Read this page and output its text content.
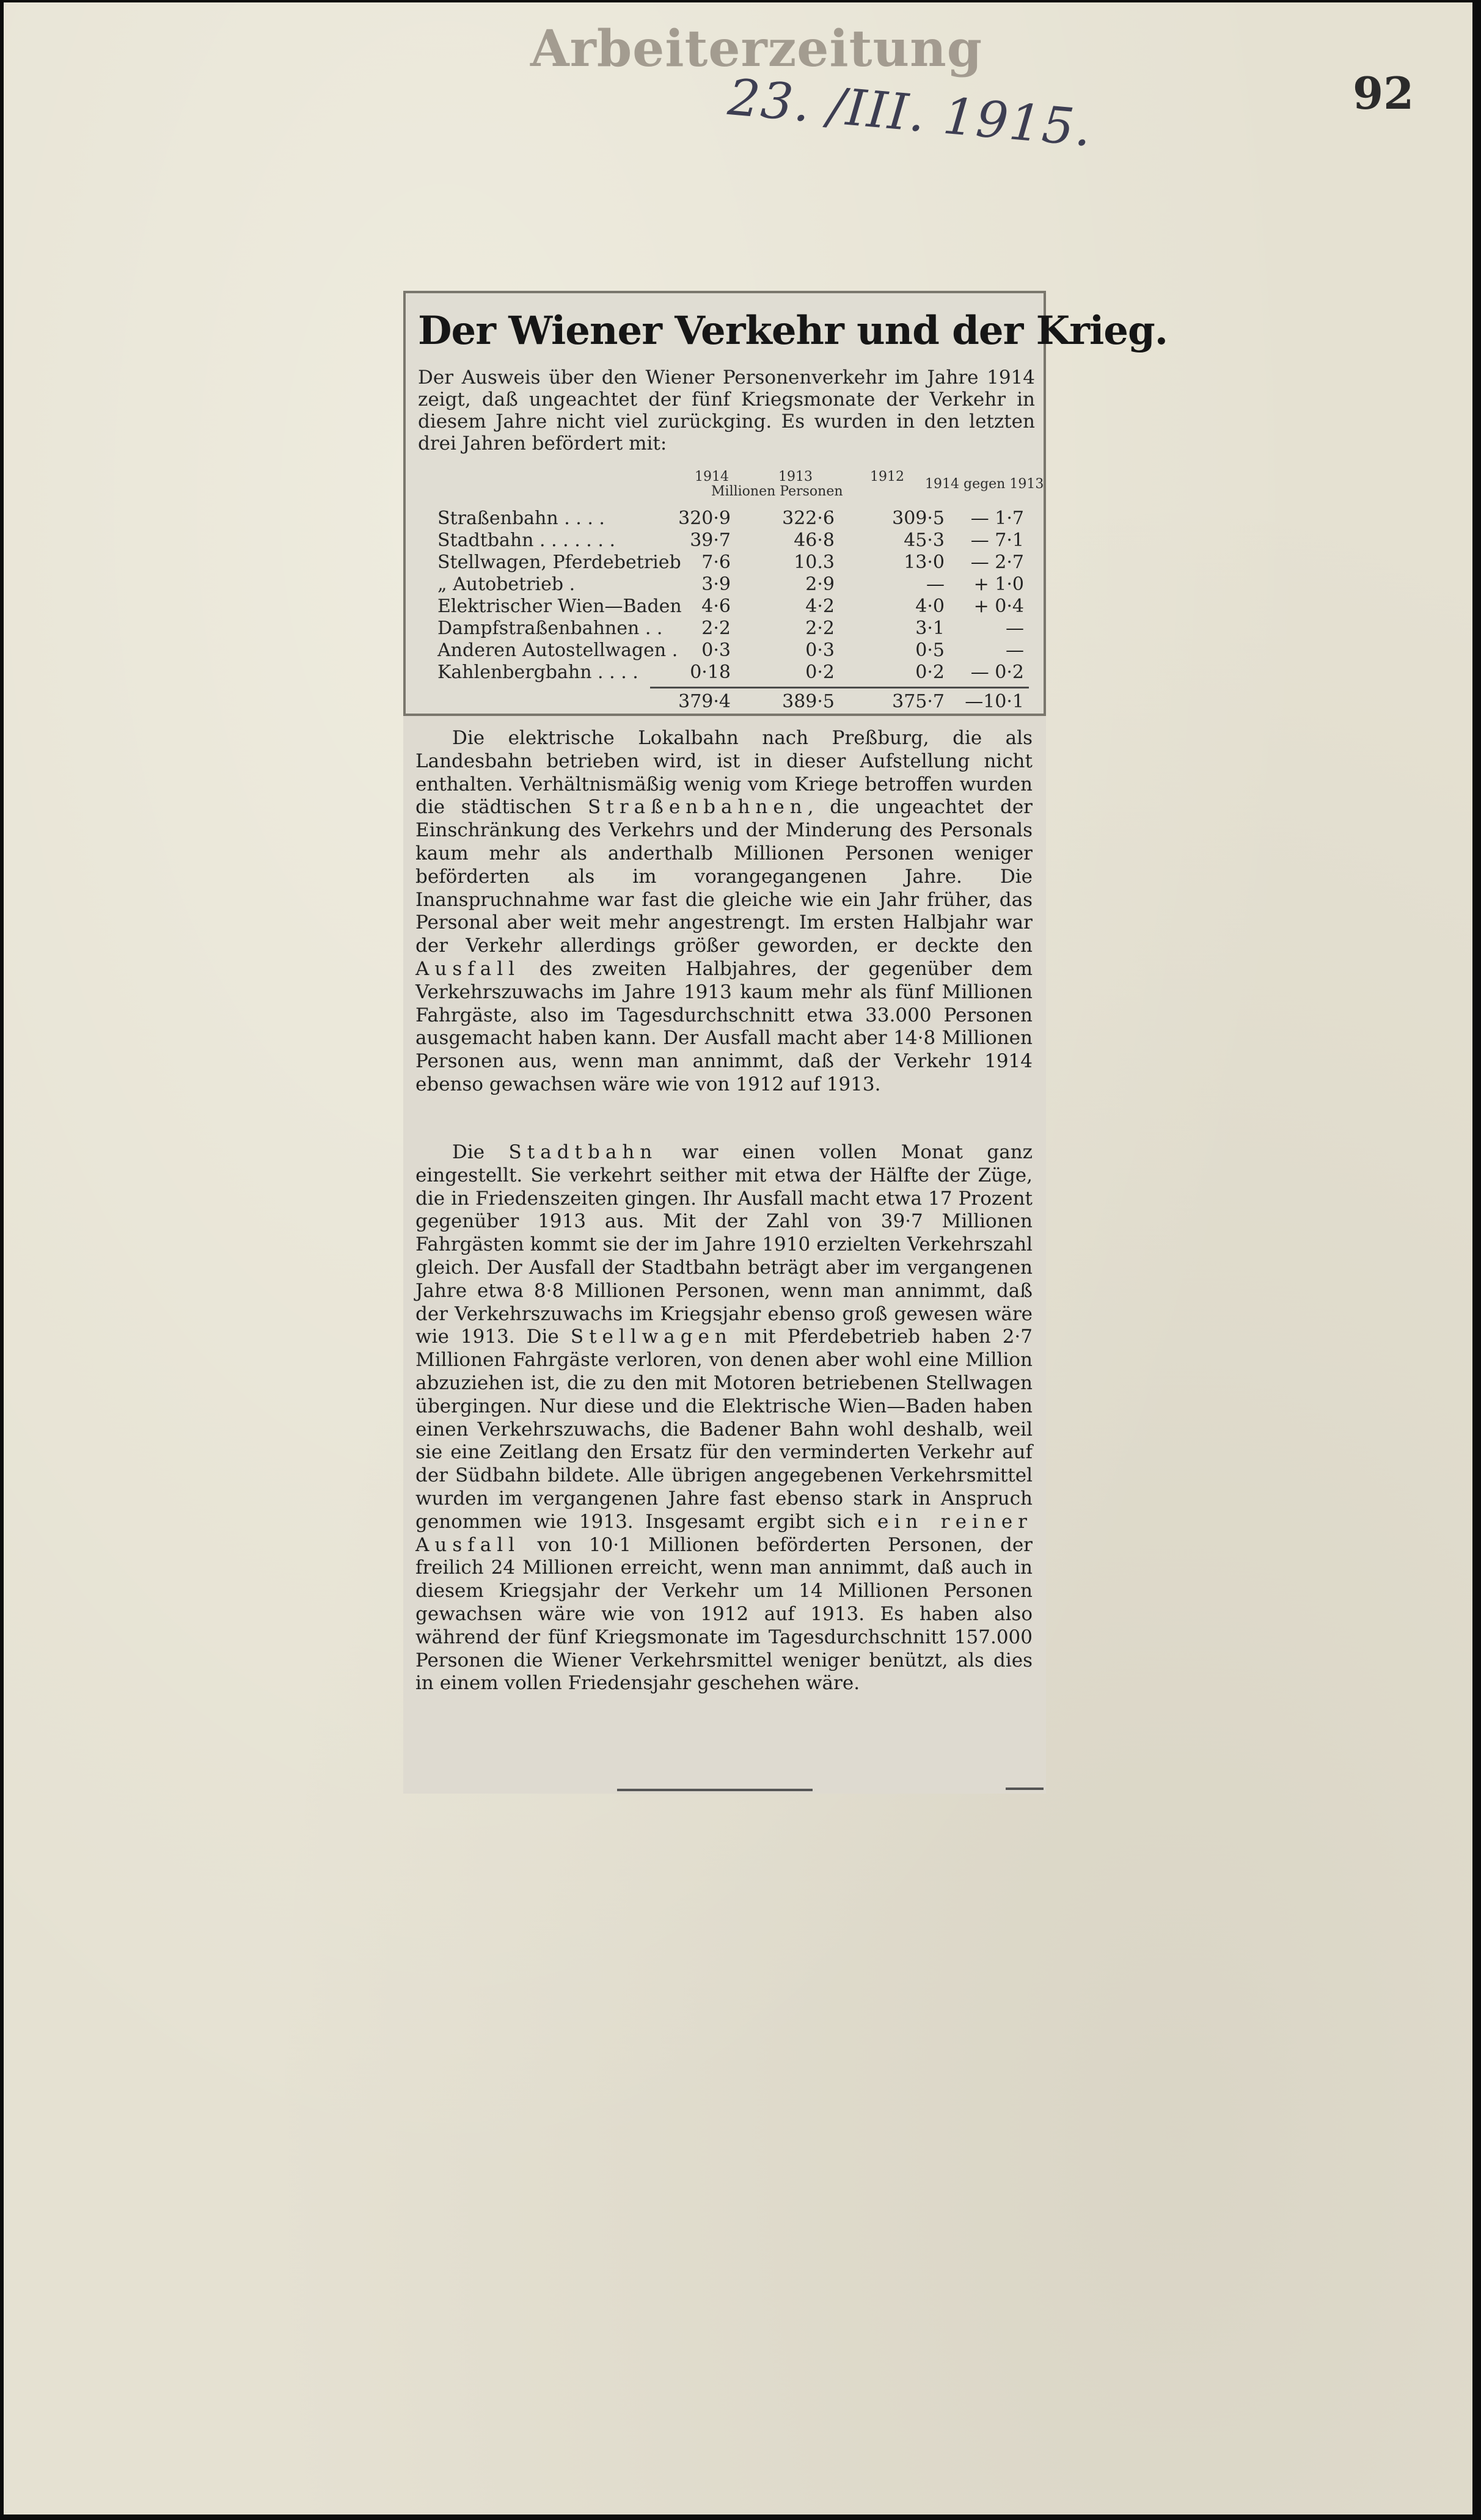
Arbeiterzeitung
23. /III. 1915.	92
Der Wiener Verkehr und der Krieg.
Der Ausweis über den Wiener Personenverkehr im Jahre 1914 zeigt, daß ungeachtet der fünf Kriegsmonate der Verkehr in diesem Jahre nicht viel zurückging. Es wurden in den letzten drei Jahren befördert mit:
1914	1913	1912 1914 gegen 1913
Millionen Personen
Straßenbahn . . . .	320·9	322·6	309·5	— 1·7
Stadtbahn . . . . . . .	39·7	46·8	45·3	— 7·1
Stellwagen, Pferdebetrieb	7·6	10.3	13·0	— 2·7
„ Autobetrieb .	3·9	2·9	—	+ 1·0
Elektrischer Wien—Baden	4·6	4·2	4·0	+ 0·4
Dampfstraßenbahnen . .	2·2	2·2	3·1	—
Anderen Autostellwagen .	0·3	0·3	0·5	—
Kahlenbergbahn . . . .	0·18	0·2	0·2	— 0·2
379·4	389·5	375·7 —10·1

Die elektrische Lokalbahn nach Preßburg, die als Landesbahn betrieben wird, ist in dieser Aufstellung nicht enthalten. Verhältnismäßig wenig vom Kriege betroffen wurden die städtischen Straßenbahnen, die ungeachtet der Einschränkung des Verkehrs und der Minderung des Personals kaum mehr als anderthalb Millionen Personen weniger beförderten als im vorangegangenen Jahre. Die Inanspruchnahme war fast die gleiche wie ein Jahr früher, das Personal aber weit mehr angestrengt. Im ersten Halbjahr war der Verkehr allerdings größer geworden, er deckte den Ausfall des zweiten Halbjahres, der gegenüber dem Verkehrszuwachs im Jahre 1913 kaum mehr als fünf Millionen Fahrgäste, also im Tagesdurchschnitt etwa 33.000 Personen ausgemacht haben kann. Der Ausfall macht aber 14·8 Millionen Personen aus, wenn man annimmt, daß der Verkehr 1914 ebenso gewachsen wäre wie von 1912 auf 1913.

Die Stadtbahn war einen vollen Monat ganz eingestellt. Sie verkehrt seither mit etwa der Hälfte der Züge, die in Friedenszeiten gingen. Ihr Ausfall macht etwa 17 Prozent gegenüber 1913 aus. Mit der Zahl von 39·7 Millionen Fahrgästen kommt sie der im Jahre 1910 erzielten Verkehrszahl gleich. Der Ausfall der Stadtbahn beträgt aber im vergangenen Jahre etwa 8·8 Millionen Personen, wenn man annimmt, daß der Verkehrszuwachs im Kriegsjahr ebenso groß gewesen wäre wie 1913. Die Stellwagen mit Pferdebetrieb haben 2·7 Millionen Fahrgäste verloren, von denen aber wohl eine Million abzuziehen ist, die zu den mit Motoren betriebenen Stellwagen übergingen. Nur diese und die Elektrische Wien—Baden haben einen Verkehrszuwachs, die Badener Bahn wohl deshalb, weil sie eine Zeitlang den Ersatz für den verminderten Verkehr auf der Südbahn bildete. Alle übrigen angegebenen Verkehrsmittel wurden im vergangenen Jahre fast ebenso stark in Anspruch genommen wie 1913. Insgesamt ergibt sich ein reiner Ausfall von 10·1 Millionen beförderten Personen, der freilich 24 Millionen erreicht, wenn man annimmt, daß auch in diesem Kriegsjahr der Verkehr um 14 Millionen Personen gewachsen wäre wie von 1912 auf 1913. Es haben also während der fünf Kriegsmonate im Tagesdurchschnitt 157.000 Personen die Wiener Verkehrsmittel weniger benützt, als dies in einem vollen Friedensjahr geschehen wäre.
